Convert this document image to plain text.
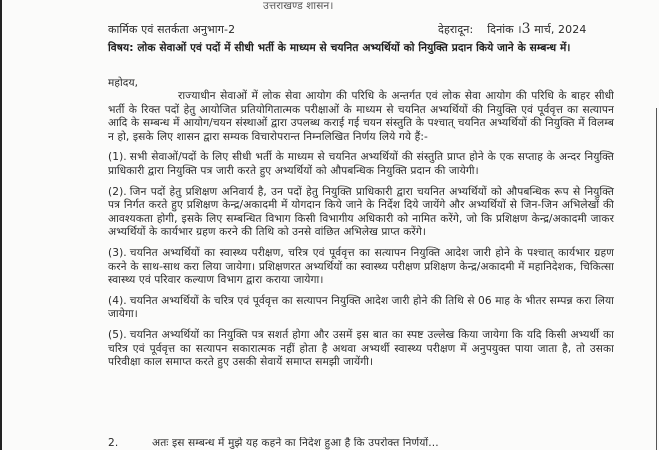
उत्तराखण्ड शासन।
कार्मिक एवं सतर्कता अनुभाग-2	देहरादून: दिनांक ।3 मार्च, 2024
विषय: लोक सेवाओं एवं पदों में सीधी भर्ती के माध्यम से चयनित अभ्यर्थियों को नियुक्ति प्रदान किये जाने के सम्बन्ध में।
महोदय,

राज्याधीन सेवाओं में लोक सेवा आयोग की परिधि के अन्तर्गत एवं लोक सेवा आयोग की परिधि के बाहर सीधी भर्ती के रिक्त पदों हेतु आयोजित प्रतियोगितात्मक परीक्षाओं के माध्यम से चयनित अभ्यर्थियों की नियुक्ति एवं पूर्ववृत्त का सत्यापन आदि के सम्बन्ध में आयोग/चयन संस्थाओं द्वारा उपलब्ध कराई गई चयन संस्तुति के पश्चात् चयनित अभ्यर्थियों की नियुक्ति में विलम्ब न हो, इसके लिए शासन द्वारा सम्यक विचारोपरान्त निम्नलिखित निर्णय लिये गये हैं:-

(1). सभी सेवाओं/पदों के लिए सीधी भर्ती के माध्यम से चयनित अभ्यर्थियों की संस्तुति प्राप्त होने के एक सप्ताह के अन्दर नियुक्ति प्राधिकारी द्वारा नियुक्ति पत्र जारी करते हुए अभ्यर्थियों को औपबन्धिक नियुक्ति प्रदान की जायेगी।

(2). जिन पदों हेतु प्रशिक्षण अनिवार्य है, उन पदों हेतु नियुक्ति प्राधिकारी द्वारा चयनित अभ्यर्थियों को औपबन्धिक रूप से नियुक्ति पत्र निर्गत करते हुए प्रशिक्षण केन्द्र/अकादमी में योगदान किये जाने के निर्देश दिये जायेंगे और अभ्यर्थियों से जिन-जिन अभिलेखों की आवश्यकता होगी, इसके लिए सम्बन्धित विभाग किसी विभागीय अधिकारी को नामित करेंगे, जो कि प्रशिक्षण केन्द्र/अकादमी जाकर अभ्यर्थियों के कार्यभार ग्रहण करने की तिथि को उनसे वांछित अभिलेख प्राप्त करेंगे।

(3). चयनित अभ्यर्थियों का स्वास्थ्य परीक्षण, चरित्र एवं पूर्ववृत्त का सत्यापन नियुक्ति आदेश जारी होने के पश्चात् कार्यभार ग्रहण करने के साथ-साथ करा लिया जायेगा। प्रशिक्षणरत अभ्यर्थियों का स्वास्थ्य परीक्षण प्रशिक्षण केन्द्र/अकादमी में महानिदेशक, चिकित्सा स्वास्थ्य एवं परिवार कल्याण विभाग द्वारा कराया जायेगा।

(4). चयनित अभ्यर्थियों के चरित्र एवं पूर्ववृत्त का सत्यापन नियुक्ति आदेश जारी होने की तिथि से 06 माह के भीतर सम्पन्न करा लिया जायेगा।

(5). चयनित अभ्यर्थियों का नियुक्ति पत्र सशर्त होगा और उसमें इस बात का स्पष्ट उल्लेख किया जायेगा कि यदि किसी अभ्यर्थी का चरित्र एवं पूर्ववृत्त का सत्यापन सकारात्मक नहीं होता है अथवा अभ्यर्थी स्वास्थ्य परीक्षण में अनुपयुक्त पाया जाता है, तो उसका परिवीक्षा काल समाप्त करते हुए उसकी सेवायें समाप्त समझी जायेंगी।

2.	अतः इस सम्बन्ध में मुझे यह कहने का निदेश हुआ है कि उपरोक्त निर्णयों...
